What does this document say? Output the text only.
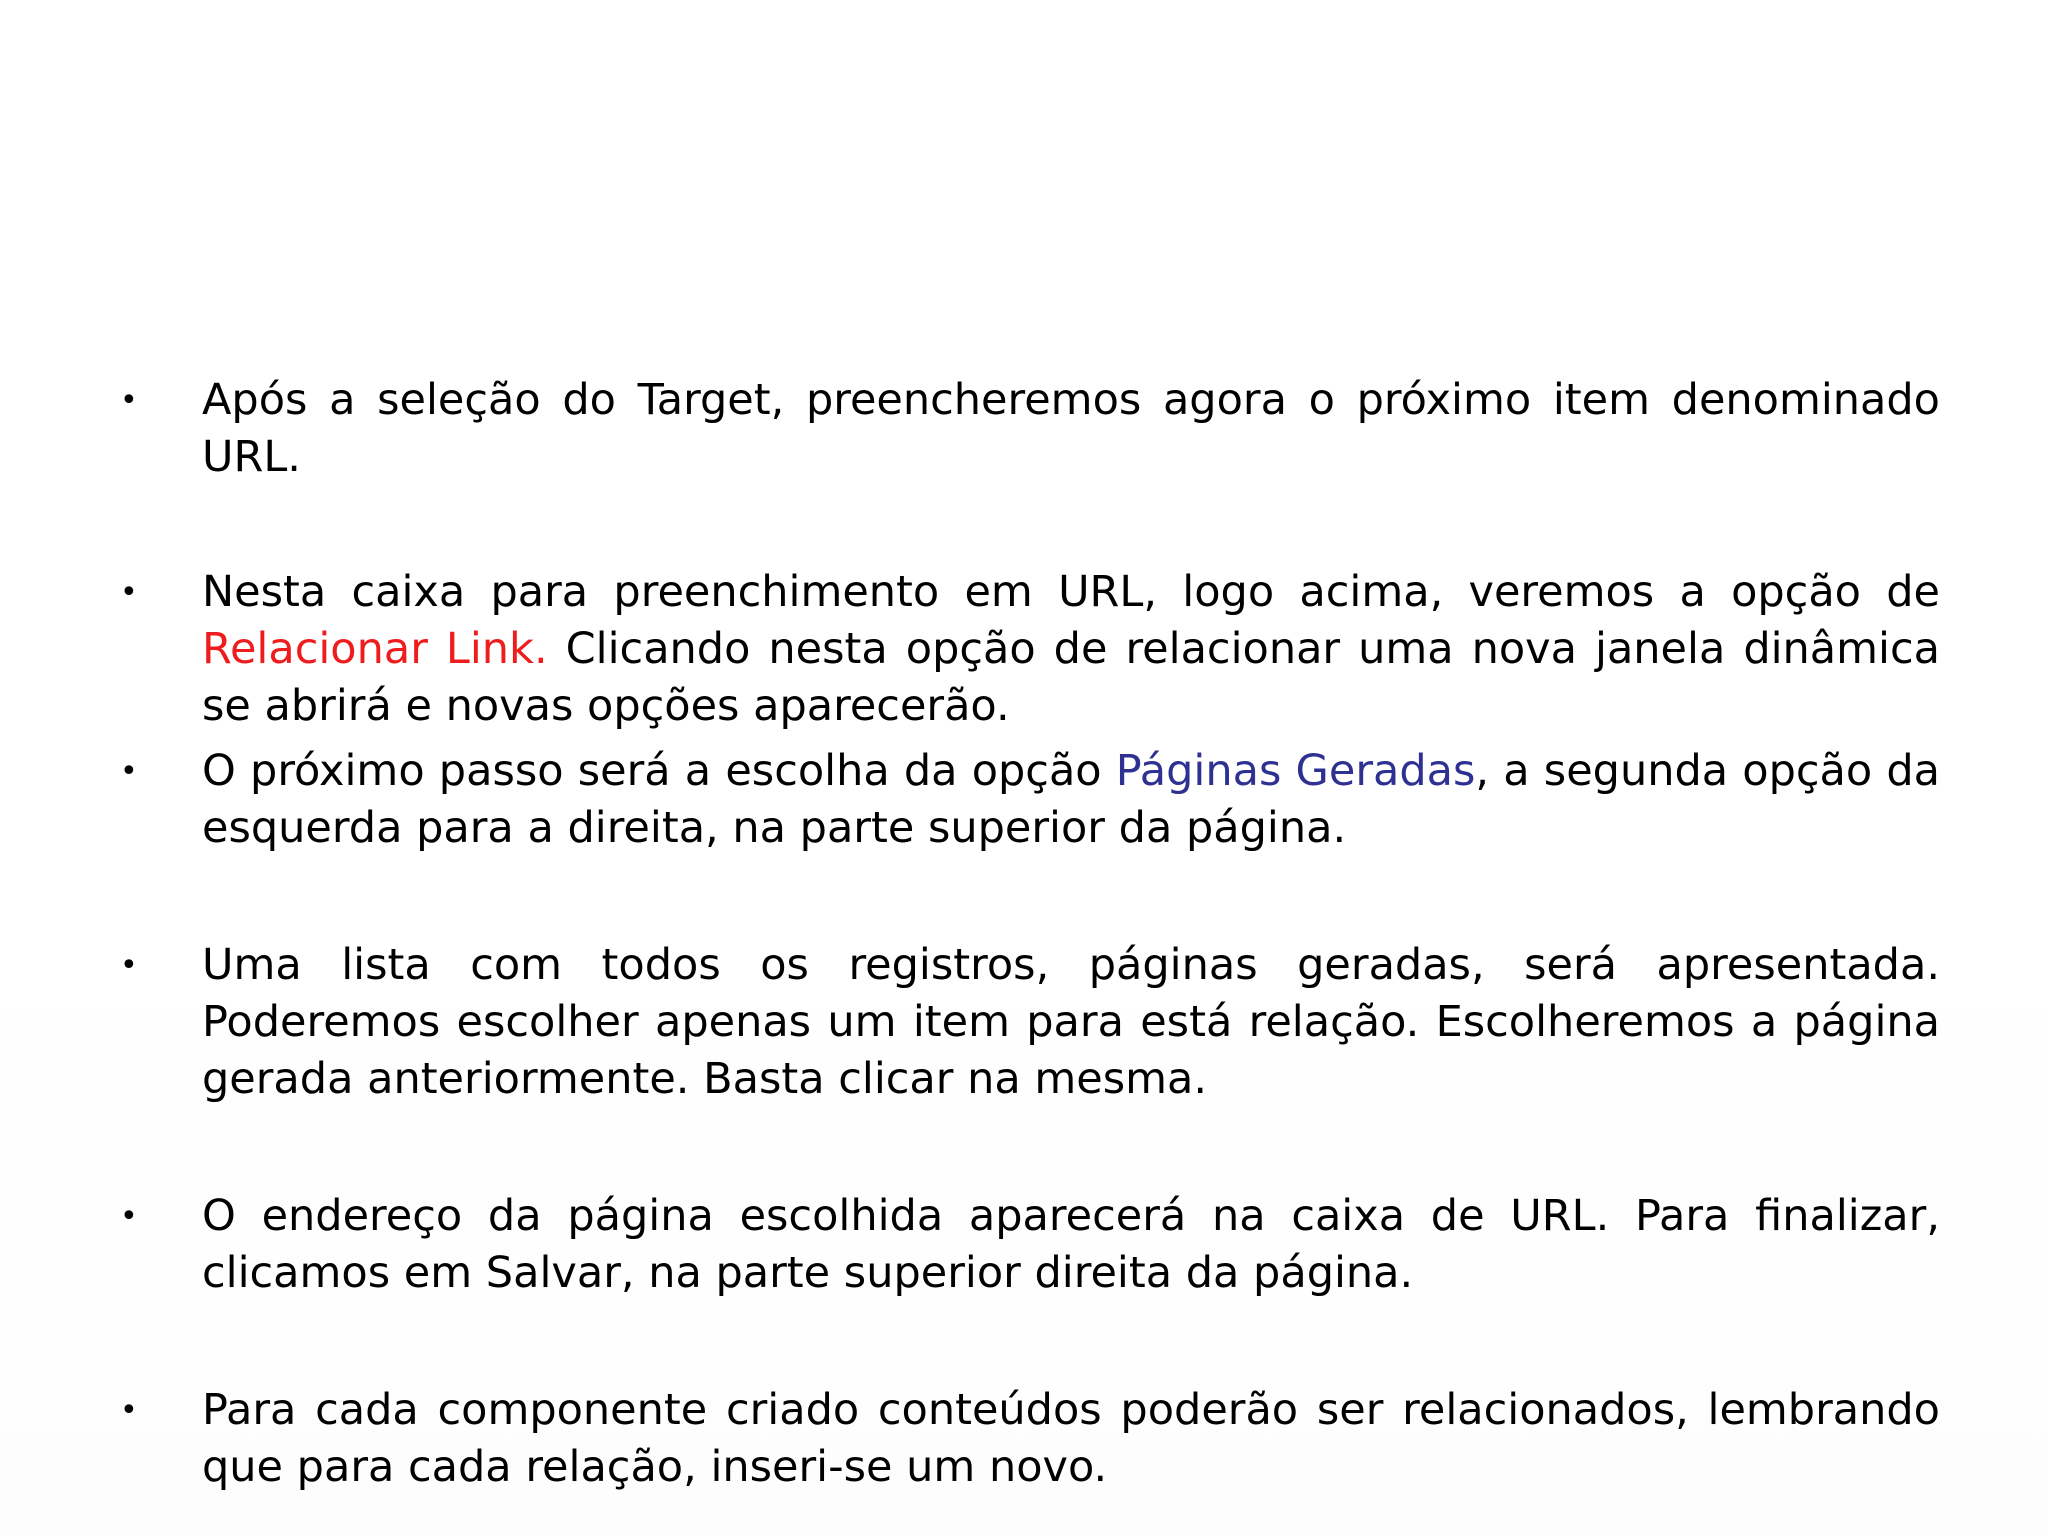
• Após a seleção do Target, preencheremos agora o próximo item denominado URL.
• Nesta caixa para preenchimento em URL, logo acima, veremos a opção de Relacionar Link. Clicando nesta opção de relacionar uma nova janela dinâmica se abrirá e novas opções aparecerão.
• O próximo passo será a escolha da opção Páginas Geradas, a segunda opção da esquerda para a direita, na parte superior da página.
• Uma lista com todos os registros, páginas geradas, será apresentada. Poderemos escolher apenas um item para está relação. Escolheremos a página gerada anteriormente. Basta clicar na mesma.
• O endereço da página escolhida aparecerá na caixa de URL. Para finalizar, clicamos em Salvar, na parte superior direita da página.
• Para cada componente criado conteúdos poderão ser relacionados, lembrando que para cada relação, inseri-se um novo.
